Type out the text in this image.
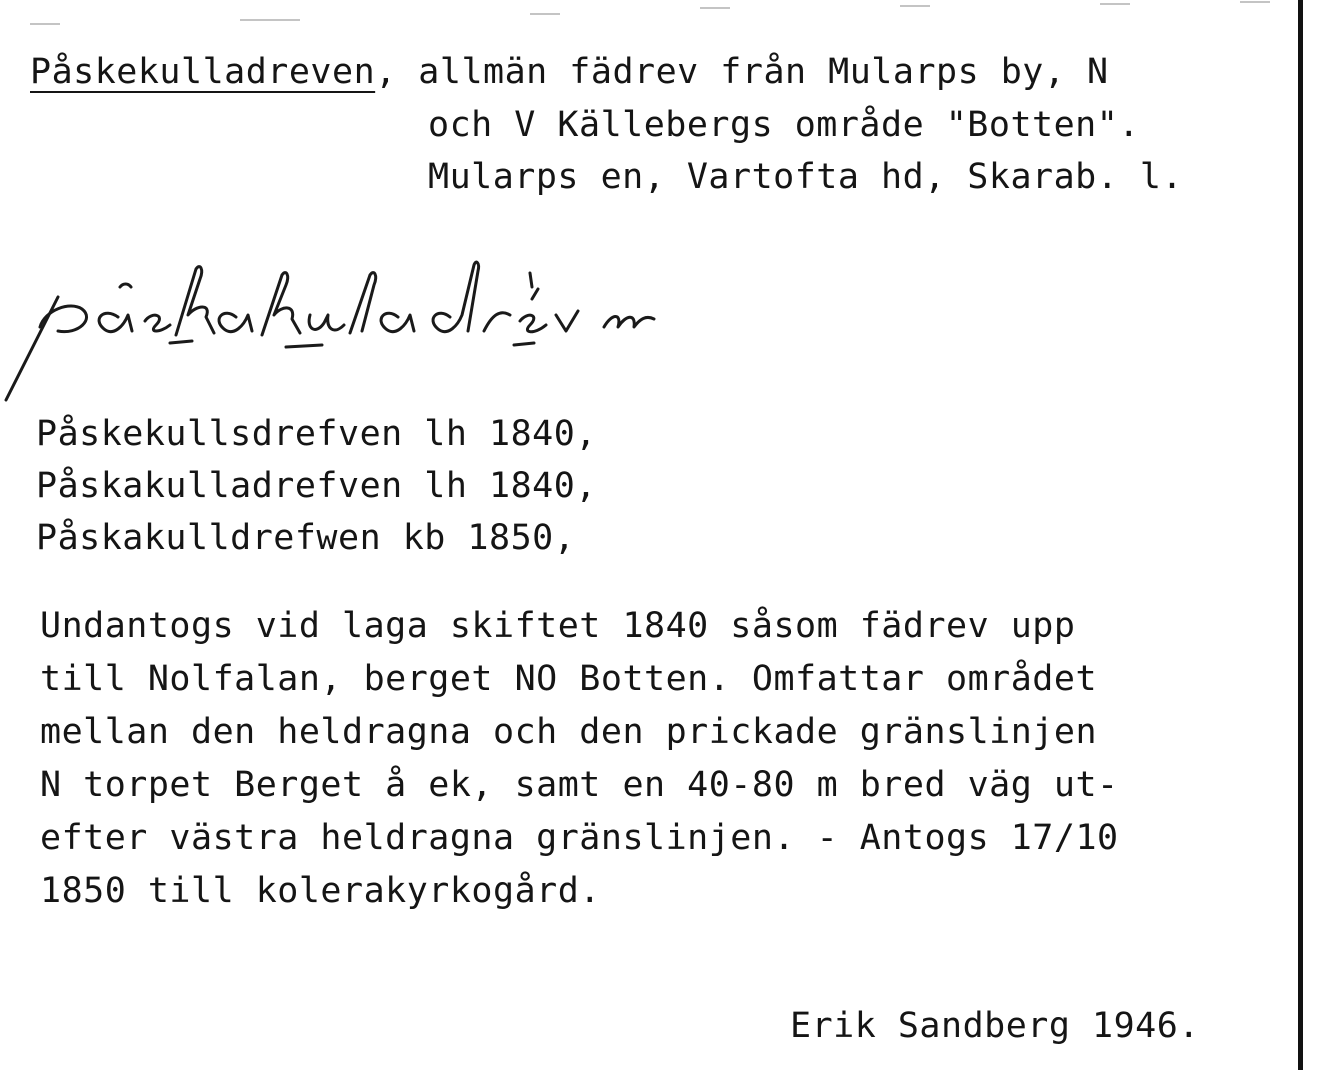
Påskekulladreven, allmän fädrev från Mularps by, N
och V Källebergs område "Botten".
Mularps en, Vartofta hd, Skarab. l.
Påskekullsdrefven lh 1840,
Påskakulladrefven lh 1840,
Påskakulldrefwen kb 1850,
Undantogs vid laga skiftet 1840 såsom fädrev upp
till Nolfalan, berget NO Botten. Omfattar området
mellan den heldragna och den prickade gränslinjen
N torpet Berget å ek, samt en 40-80 m bred väg ut-
efter västra heldragna gränslinjen. - Antogs 17/10
1850 till kolerakyrkogård.
Erik Sandberg 1946.
